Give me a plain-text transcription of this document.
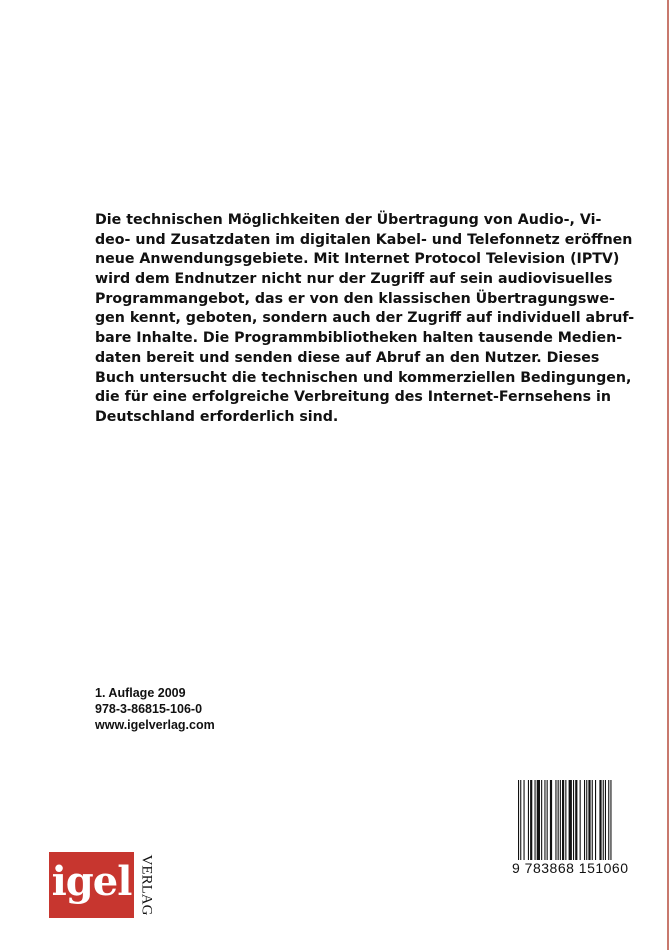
Die technischen Möglichkeiten der Übertragung von Audio-, Vi-
deo- und Zusatzdaten im digitalen Kabel- und Telefonnetz eröffnen
neue Anwendungsgebiete. Mit Internet Protocol Television (IPTV)
wird dem Endnutzer nicht nur der Zugriff auf sein audiovisuelles
Programmangebot, das er von den klassischen Übertragungswe-
gen kennt, geboten, sondern auch der Zugriff auf individuell abruf-
bare Inhalte. Die Programmbibliotheken halten tausende Medien-
daten bereit und senden diese auf Abruf an den Nutzer. Dieses
Buch untersucht die technischen und kommerziellen Bedingungen,
die für eine erfolgreiche Verbreitung des Internet-Fernsehens in
Deutschland erforderlich sind.
1. Auflage 2009
978-3-86815-106-0
www.igelverlag.com
9 783868 151060
igel VERLAG
